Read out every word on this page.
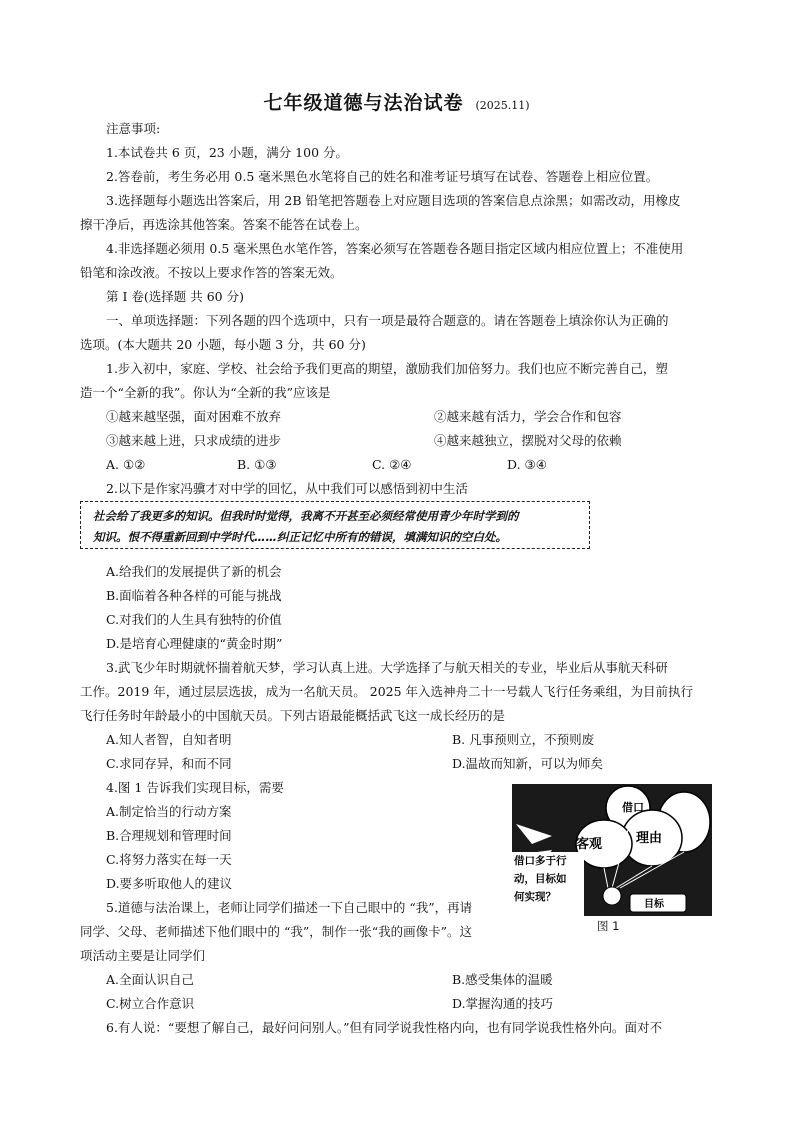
七年级道德与法治试卷 (2025.11)
注意事项:
1.本试卷共 6 页，23 小题，满分 100 分。
2.答卷前，考生务必用 0.5 毫米黑色水笔将自己的姓名和准考证号填写在试卷、答题卷上相应位置。
3.选择题每小题选出答案后，用 2B 铅笔把答题卷上对应题目选项的答案信息点涂黑；如需改动，用橡皮
擦干净后，再选涂其他答案。答案不能答在试卷上。
4.非选择题必须用 0.5 毫米黑色水笔作答，答案必须写在答题卷各题目指定区域内相应位置上；不准使用
铅笔和涂改液。不按以上要求作答的答案无效。
第 I 卷(选择题 共 60 分)
一、单项选择题：下列各题的四个选项中，只有一项是最符合题意的。请在答题卷上填涂你认为正确的
选项。(本大题共 20 小题，每小题 3 分，共 60 分)
1.步入初中，家庭、学校、社会给予我们更高的期望，激励我们加倍努力。我们也应不断完善自己，塑
造一个“全新的我”。你认为“全新的我”应该是
①越来越坚强，面对困难不放弃	②越来越有活力，学会合作和包容
③越来越上进，只求成绩的进步	④越来越独立，摆脱对父母的依赖
A. ①②	B. ①③	C. ②④	D. ③④
2.以下是作家冯骥才对中学的回忆，从中我们可以感悟到初中生活
社会给了我更多的知识。但我时时觉得，我离不开甚至必须经常使用青少年时学到的
知识。恨不得重新回到中学时代……纠正记忆中所有的错误，填满知识的空白处。
A.给我们的发展提供了新的机会
B.面临着各种各样的可能与挑战
C.对我们的人生具有独特的价值
D.是培育心理健康的“黄金时期”
3.武飞少年时期就怀揣着航天梦，学习认真上进。大学选择了与航天相关的专业，毕业后从事航天科研
工作。2019 年，通过层层选拔，成为一名航天员。 2025 年入选神舟二十一号载人飞行任务乘组，为目前执行
飞行任务时年龄最小的中国航天员。下列古语最能概括武飞这一成长经历的是
A.知人者智，自知者明	B. 凡事预则立，不预则废
C.求同存异，和而不同	D.温故而知新，可以为师矣
4.图 1 告诉我们实现目标，需要
A.制定恰当的行动方案
B.合理规划和管理时间
C.将努力落实在每一天
D.要多听取他人的建议
借口
客观	理由
借口多于行
动，目标如
何实现？
目标
图 1
5.道德与法治课上，老师让同学们描述一下自己眼中的 “我”，再请
同学、父母、老师描述下他们眼中的 “我”，制作一张“我的画像卡”。这
项活动主要是让同学们
A.全面认识自己	B.感受集体的温暖
C.树立合作意识	D.掌握沟通的技巧
6.有人说：“要想了解自己，最好问问别人。”但有同学说我性格内向，也有同学说我性格外向。面对不
